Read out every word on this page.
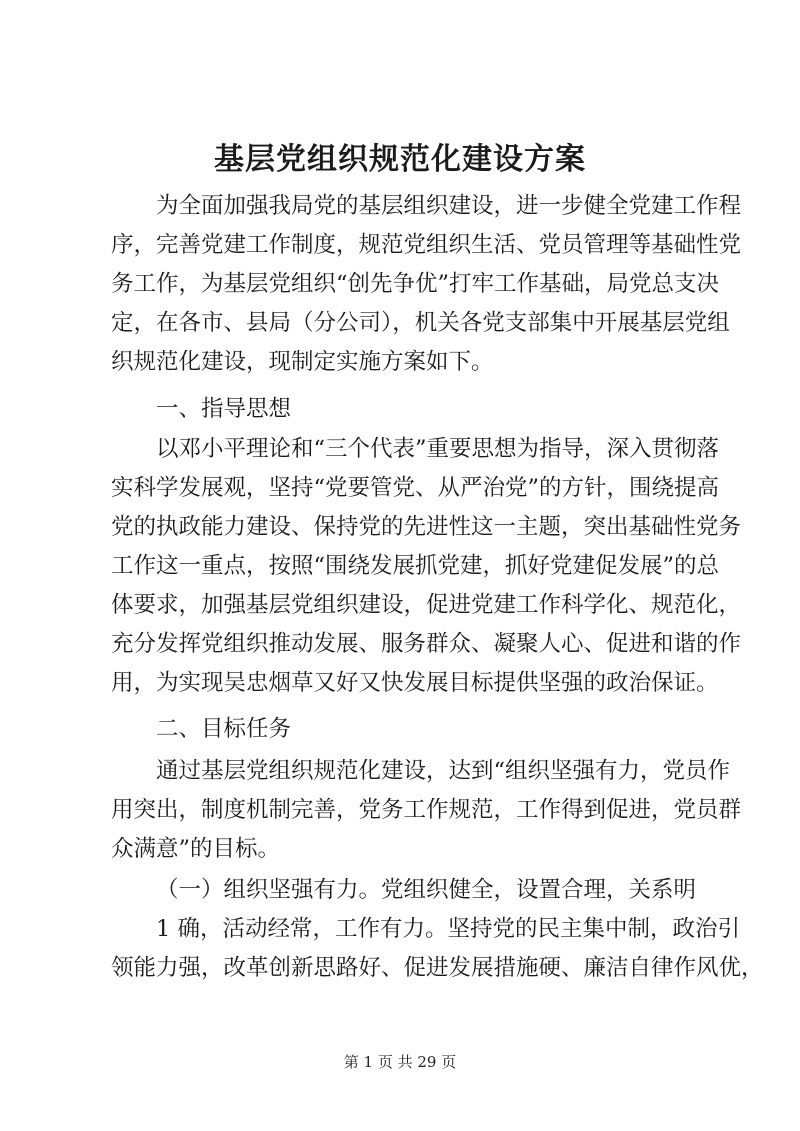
基层党组织规范化建设方案
为全面加强我局党的基层组织建设，进一步健全党建工作程
序，完善党建工作制度，规范党组织生活、党员管理等基础性党
务工作，为基层党组织“创先争优”打牢工作基础，局党总支决
定，在各市、县局（分公司），机关各党支部集中开展基层党组
织规范化建设，现制定实施方案如下。
一、指导思想
以邓小平理论和“三个代表”重要思想为指导，深入贯彻落
实科学发展观，坚持“党要管党、从严治党”的方针，围绕提高
党的执政能力建设、保持党的先进性这一主题，突出基础性党务
工作这一重点，按照“围绕发展抓党建，抓好党建促发展”的总
体要求，加强基层党组织建设，促进党建工作科学化、规范化，
充分发挥党组织推动发展、服务群众、凝聚人心、促进和谐的作
用，为实现吴忠烟草又好又快发展目标提供坚强的政治保证。
二、目标任务
通过基层党组织规范化建设，达到“组织坚强有力，党员作
用突出，制度机制完善，党务工作规范，工作得到促进，党员群
众满意”的目标。
（一）组织坚强有力。党组织健全，设置合理，关系明
1 确，活动经常，工作有力。坚持党的民主集中制，政治引
领能力强，改革创新思路好、促进发展措施硬、廉洁自律作风优，
第 1 页 共 29 页
